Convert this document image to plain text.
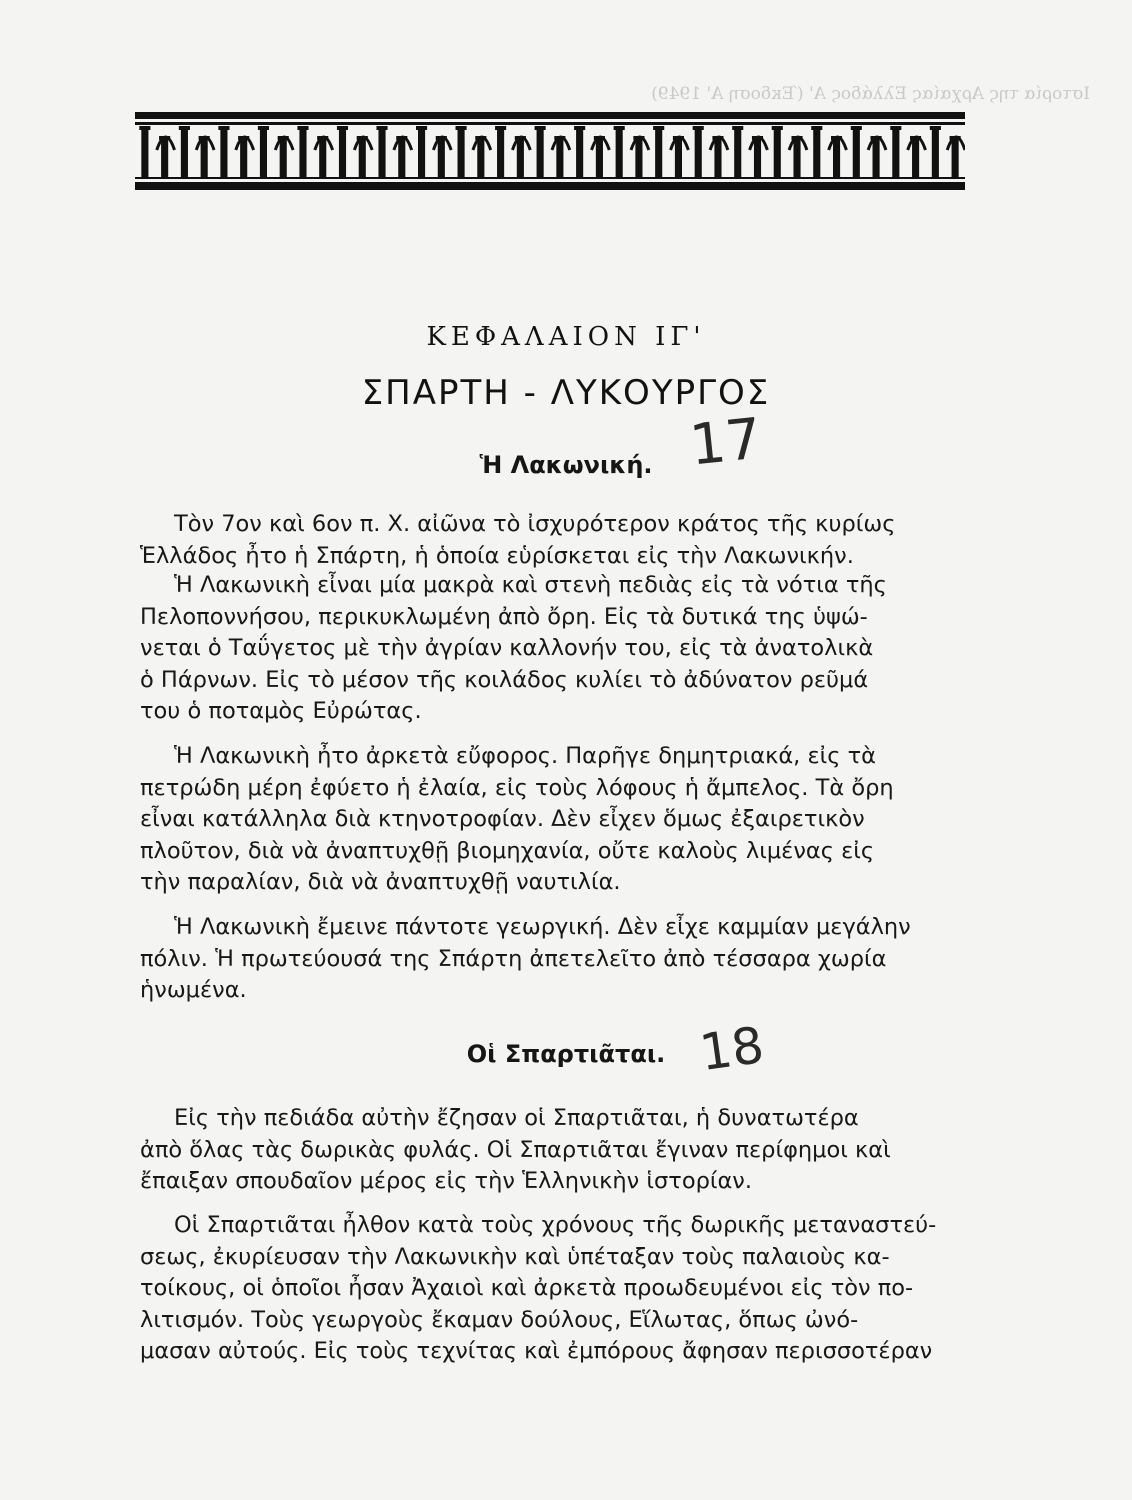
Ιστορία της Αρχαίας Ελλάδος Α' (Έκδοση Α' 1949)
ΚΕΦΑΛΑΙΟΝ ΙΓ'
ΣΠΑΡΤΗ - ΛΥΚΟΥΡΓΟΣ
17
Ἡ Λακωνική.
Τὸν 7ον καὶ 6ον π. Χ. αἰῶνα τὸ ἰσχυρότερον κράτος τῆς κυρίως
Ἑλλάδος ἦτο ἡ Σπάρτη, ἡ ὁποία εὑρίσκεται εἰς τὴν Λακωνικήν.
Ἡ Λακωνικὴ εἶναι μία μακρὰ καὶ στενὴ πεδιὰς εἰς τὰ νότια τῆς
Πελοποννήσου, περικυκλωμένη ἀπὸ ὄρη. Εἰς τὰ δυτικά της ὑψώ-
νεται ὁ Ταΰγετος μὲ τὴν ἀγρίαν καλλονήν του, εἰς τὰ ἀνατολικὰ
ὁ Πάρνων. Εἰς τὸ μέσον τῆς κοιλάδος κυλίει τὸ ἀδύνατον ρεῦμά
του ὁ ποταμὸς Εὐρώτας.
Ἡ Λακωνικὴ ἦτο ἀρκετὰ εὔφορος. Παρῆγε δημητριακά, εἰς τὰ
πετρώδη μέρη ἐφύετο ἡ ἐλαία, εἰς τοὺς λόφους ἡ ἄμπελος. Τὰ ὄρη
εἶναι κατάλληλα διὰ κτηνοτροφίαν. Δὲν εἶχεν ὅμως ἐξαιρετικὸν
πλοῦτον, διὰ νὰ ἀναπτυχθῇ βιομηχανία, οὔτε καλοὺς λιμένας εἰς
τὴν παραλίαν, διὰ νὰ ἀναπτυχθῇ ναυτιλία.
Ἡ Λακωνικὴ ἔμεινε πάντοτε γεωργική. Δὲν εἶχε καμμίαν μεγάλην
πόλιν. Ἡ πρωτεύουσά της Σπάρτη ἀπετελεῖτο ἀπὸ τέσσαρα χωρία
ἡνωμένα.
18
Οἱ Σπαρτιᾶται.
Εἰς τὴν πεδιάδα αὐτὴν ἔζησαν οἱ Σπαρτιᾶται, ἡ δυνατωτέρα
ἀπὸ ὅλας τὰς δωρικὰς φυλάς. Οἱ Σπαρτιᾶται ἔγιναν περίφημοι καὶ
ἔπαιξαν σπουδαῖον μέρος εἰς τὴν Ἑλληνικὴν ἱστορίαν.
Οἱ Σπαρτιᾶται ἦλθον κατὰ τοὺς χρόνους τῆς δωρικῆς μεταναστεύ-
σεως, ἐκυρίευσαν τὴν Λακωνικὴν καὶ ὑπέταξαν τοὺς παλαιοὺς κα-
τοίκους, οἱ ὁποῖοι ἦσαν Ἀχαιοὶ καὶ ἀρκετὰ προωδευμένοι εἰς τὸν πο-
λιτισμόν. Τοὺς γεωργοὺς ἔκαμαν δούλους, Εἵλωτας, ὅπως ὠνό-
μασαν αὐτούς. Εἰς τοὺς τεχνίτας καὶ ἐμπόρους ἄφησαν περισσοτέραν
